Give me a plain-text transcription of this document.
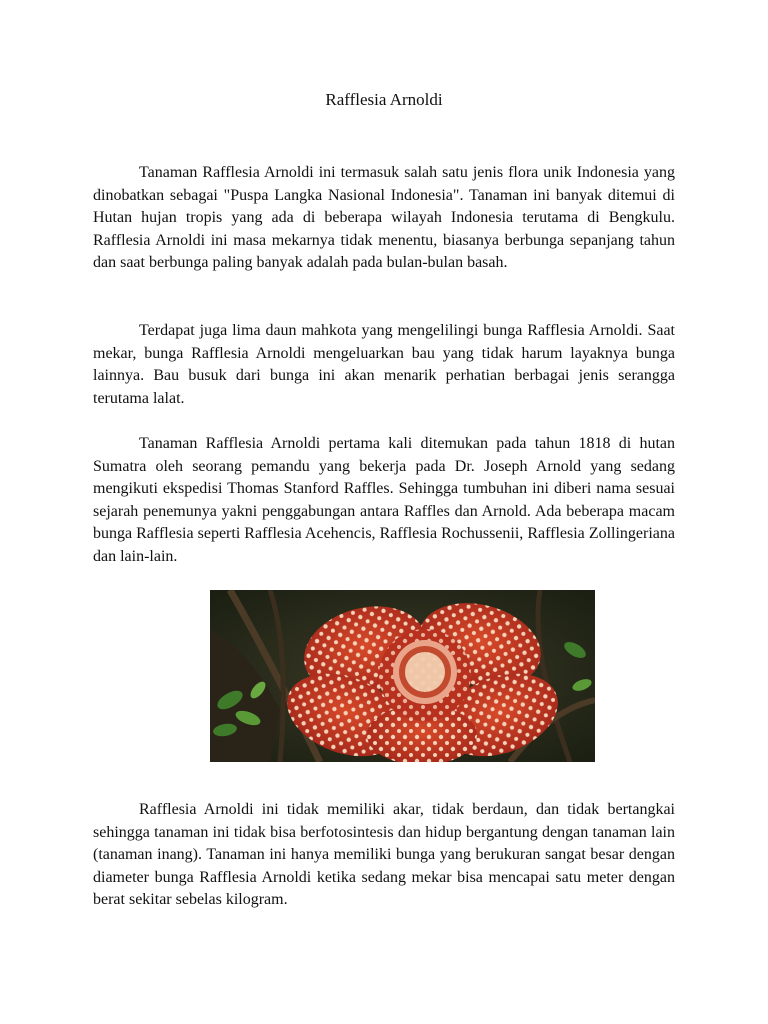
Rafflesia Arnoldi

Tanaman Rafflesia Arnoldi ini termasuk salah satu jenis flora unik Indonesia yang dinobatkan sebagai "Puspa Langka Nasional Indonesia". Tanaman ini banyak ditemui di Hutan hujan tropis yang ada di beberapa wilayah Indonesia terutama di Bengkulu. Rafflesia Arnoldi ini masa mekarnya tidak menentu, biasanya berbunga sepanjang tahun dan saat berbunga paling banyak adalah pada bulan-bulan basah.

Terdapat juga lima daun mahkota yang mengelilingi bunga Rafflesia Arnoldi. Saat mekar, bunga Rafflesia Arnoldi mengeluarkan bau yang tidak harum layaknya bunga lainnya. Bau busuk dari bunga ini akan menarik perhatian berbagai jenis serangga terutama lalat.

Tanaman Rafflesia Arnoldi pertama kali ditemukan pada tahun 1818 di hutan Sumatra oleh seorang pemandu yang bekerja pada Dr. Joseph Arnold yang sedang mengikuti ekspedisi Thomas Stanford Raffles. Sehingga tumbuhan ini diberi nama sesuai sejarah penemunya yakni penggabungan antara Raffles dan Arnold. Ada beberapa macam bunga Rafflesia seperti Rafflesia Acehencis, Rafflesia Rochussenii, Rafflesia Zollingeriana dan lain-lain.

Rafflesia Arnoldi ini tidak memiliki akar, tidak berdaun, dan tidak bertangkai sehingga tanaman ini tidak bisa berfotosintesis dan hidup bergantung dengan tanaman lain (tanaman inang). Tanaman ini hanya memiliki bunga yang berukuran sangat besar dengan diameter bunga Rafflesia Arnoldi ketika sedang mekar bisa mencapai satu meter dengan berat sekitar sebelas kilogram.
